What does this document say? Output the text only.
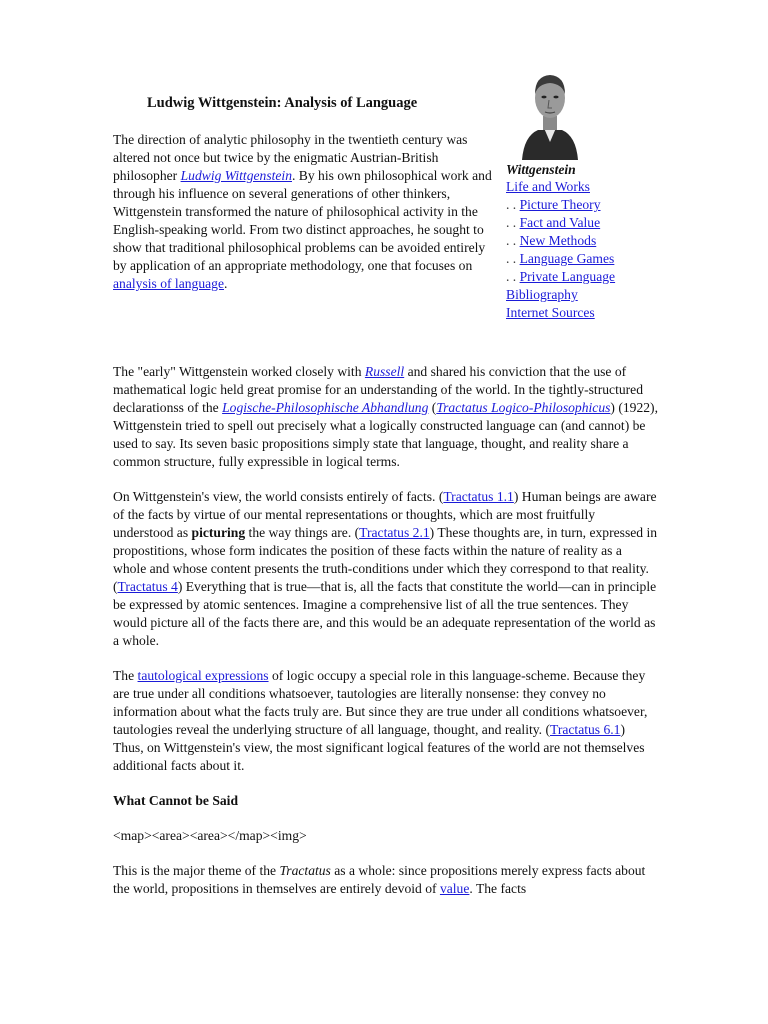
Ludwig Wittgenstein: Analysis of Language

The direction of analytic philosophy in the twentieth century was altered not once but twice by the enigmatic Austrian-British philosopher Ludwig Wittgenstein. By his own philosophical work and through his influence on several generations of other thinkers, Wittgenstein transformed the nature of philosophical activity in the English-speaking world. From two distinct approaches, he sought to show that traditional philosophical problems can be avoided entirely by application of an appropriate methodology, one that focuses on analysis of language.

Wittgenstein
Life and Works
. . Picture Theory
. . Fact and Value
. . New Methods
. . Language Games
. . Private Language
Bibliography
Internet Sources

The "early" Wittgenstein worked closely with Russell and shared his conviction that the use of mathematical logic held great promise for an understanding of the world. In the tightly-structured declarationss of the Logische-Philosophische Abhandlung (Tractatus Logico-Philosophicus) (1922), Wittgenstein tried to spell out precisely what a logically constructed language can (and cannot) be used to say. Its seven basic propositions simply state that language, thought, and reality share a common structure, fully expressible in logical terms.

On Wittgenstein's view, the world consists entirely of facts. (Tractatus 1.1) Human beings are aware of the facts by virtue of our mental representations or thoughts, which are most fruitfully understood as picturing the way things are. (Tractatus 2.1) These thoughts are, in turn, expressed in propostitions, whose form indicates the position of these facts within the nature of reality as a whole and whose content presents the truth-conditions under which they correspond to that reality. (Tractatus 4) Everything that is true—that is, all the facts that constitute the world—can in principle be expressed by atomic sentences. Imagine a comprehensive list of all the true sentences. They would picture all of the facts there are, and this would be an adequate representation of the world as a whole.

The tautological expressions of logic occupy a special role in this language-scheme. Because they are true under all conditions whatsoever, tautologies are literally nonsense: they convey no information about what the facts truly are. But since they are true under all conditions whatsoever, tautologies reveal the underlying structure of all language, thought, and reality. (Tractatus 6.1) Thus, on Wittgenstein's view, the most significant logical features of the world are not themselves additional facts about it.

What Cannot be Said

<map><area><area></map><img>

This is the major theme of the Tractatus as a whole: since propositions merely express facts about the world, propositions in themselves are entirely devoid of value. The facts
